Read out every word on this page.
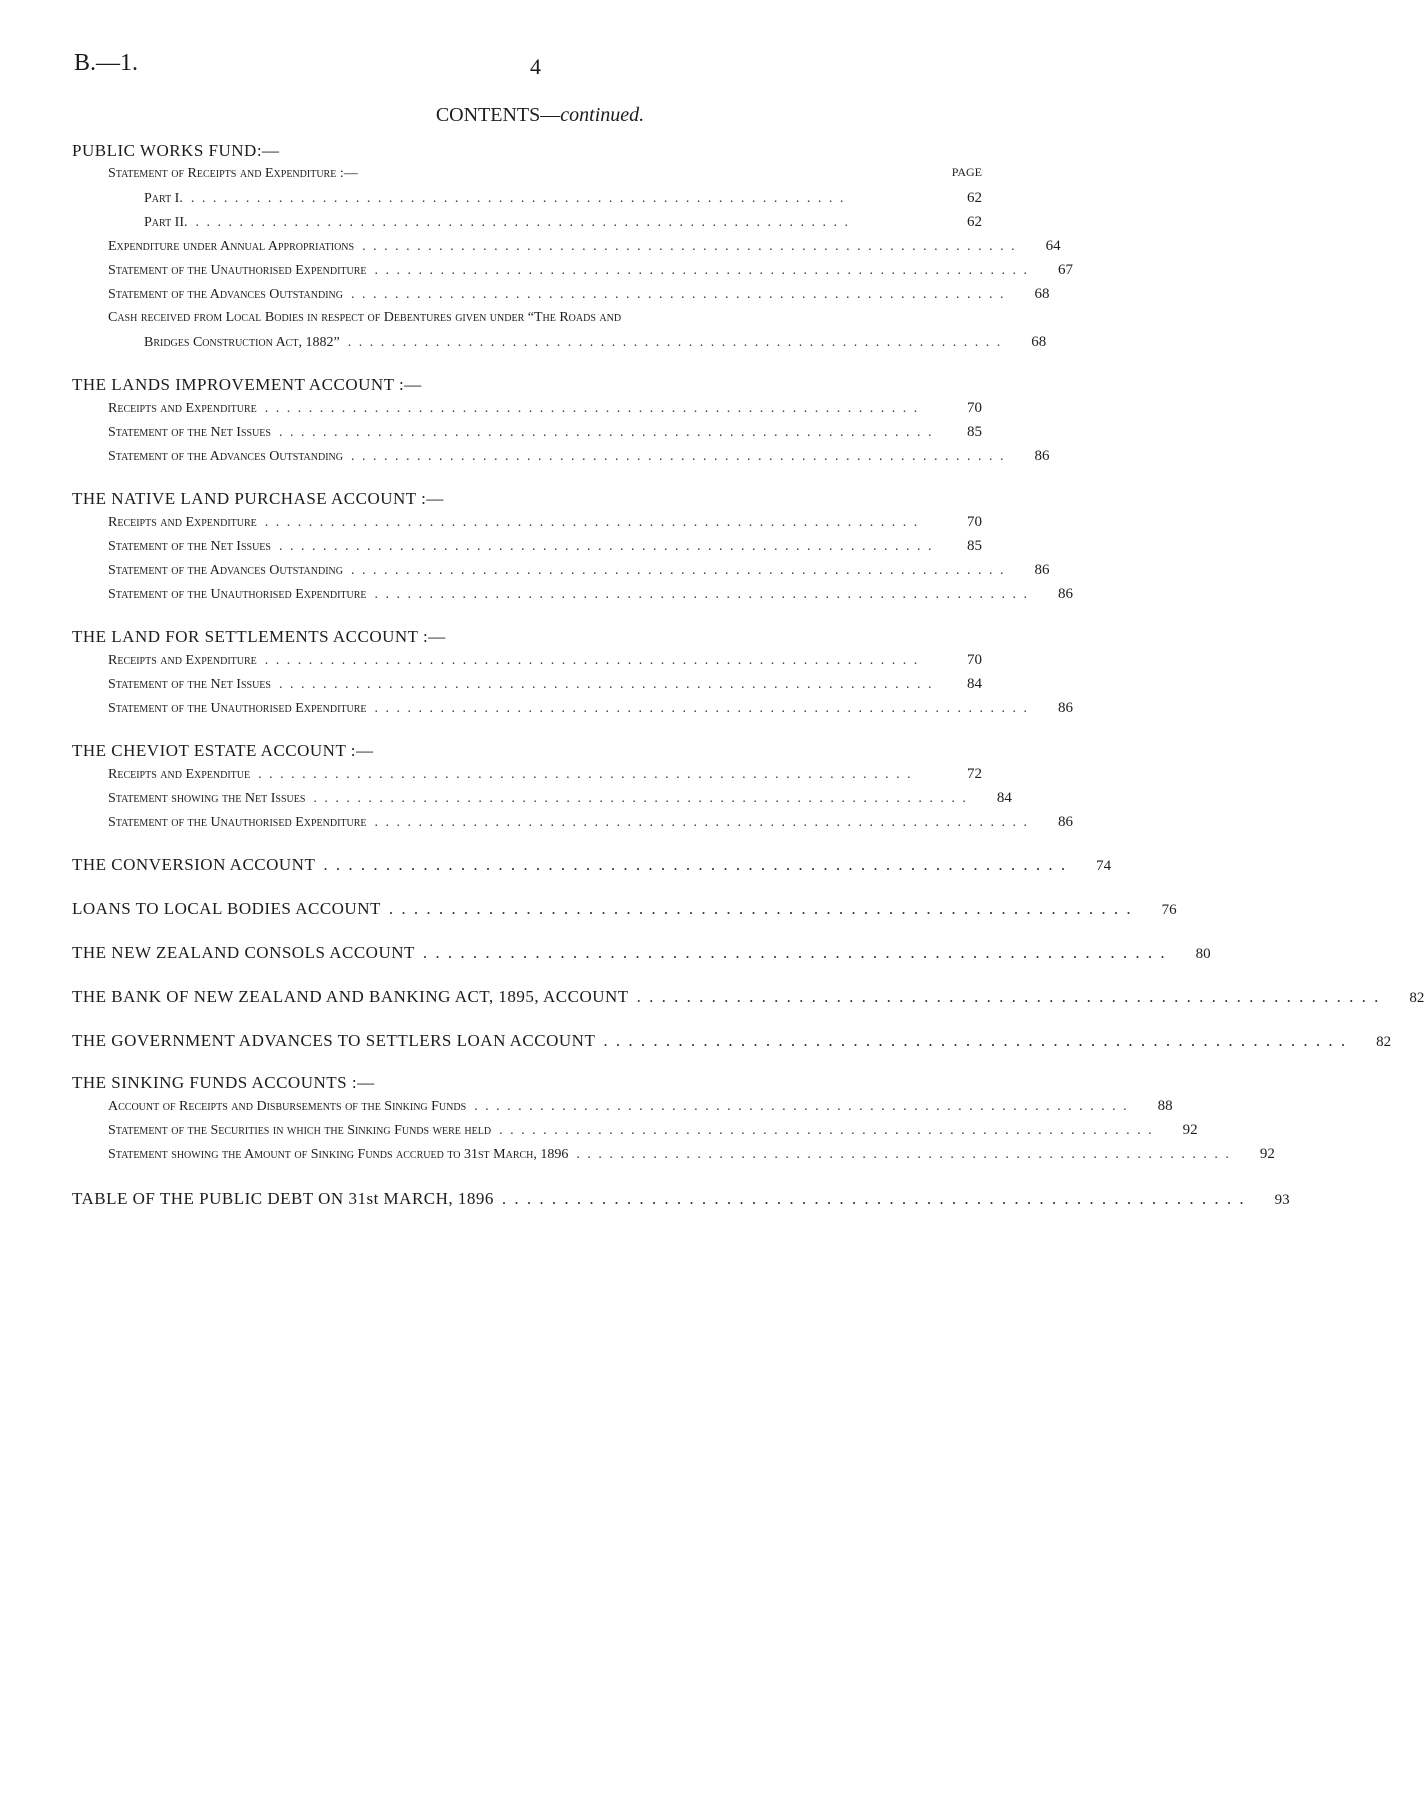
B.—1.	4
CONTENTS—continued.
PUBLIC WORKS FUND:—
Statement of Receipts and Expenditure :—	PAGE
Part I. . . . . . . . . . . . . . . . . . . . . . . . . . . . . . . . . . . . . . . . . . . . . . . . . . . . . . . . . . . . .	62
Part II. . . . . . . . . . . . . . . . . . . . . . . . . . . . . . . . . . . . . . . . . . . . . . . . . . . . . . . . . . . . .	62
Expenditure under Annual Appropriations . . . . . . . . . . . . . . . . . . . . . . . . . . . . . . . . . . . . . . . . . . . . . . . . . . . . . . . . . . . .	64
Statement of the Unauthorised Expenditure . . . . . . . . . . . . . . . . . . . . . . . . . . . . . . . . . . . . . . . . . . . . . . . . . . . . . . . . . . . .	67
Statement of the Advances Outstanding . . . . . . . . . . . . . . . . . . . . . . . . . . . . . . . . . . . . . . . . . . . . . . . . . . . . . . . . . . . .	68
Cash received from Local Bodies in respect of Debentures given under “The Roads and
Bridges Construction Act, 1882” . . . . . . . . . . . . . . . . . . . . . . . . . . . . . . . . . . . . . . . . . . . . . . . . . . . . . . . . . . . .	68
THE LANDS IMPROVEMENT ACCOUNT :—
Receipts and Expenditure . . . . . . . . . . . . . . . . . . . . . . . . . . . . . . . . . . . . . . . . . . . . . . . . . . . . . . . . . . . .	70
Statement of the Net Issues . . . . . . . . . . . . . . . . . . . . . . . . . . . . . . . . . . . . . . . . . . . . . . . . . . . . . . . . . . . .	85
Statement of the Advances Outstanding . . . . . . . . . . . . . . . . . . . . . . . . . . . . . . . . . . . . . . . . . . . . . . . . . . . . . . . . . . . .	86
THE NATIVE LAND PURCHASE ACCOUNT :—
Receipts and Expenditure . . . . . . . . . . . . . . . . . . . . . . . . . . . . . . . . . . . . . . . . . . . . . . . . . . . . . . . . . . . .	70
Statement of the Net Issues . . . . . . . . . . . . . . . . . . . . . . . . . . . . . . . . . . . . . . . . . . . . . . . . . . . . . . . . . . . .	85
Statement of the Advances Outstanding . . . . . . . . . . . . . . . . . . . . . . . . . . . . . . . . . . . . . . . . . . . . . . . . . . . . . . . . . . . .	86
Statement of the Unauthorised Expenditure . . . . . . . . . . . . . . . . . . . . . . . . . . . . . . . . . . . . . . . . . . . . . . . . . . . . . . . . . . . .	86
THE LAND FOR SETTLEMENTS ACCOUNT :—
Receipts and Expenditure . . . . . . . . . . . . . . . . . . . . . . . . . . . . . . . . . . . . . . . . . . . . . . . . . . . . . . . . . . . .	70
Statement of the Net Issues . . . . . . . . . . . . . . . . . . . . . . . . . . . . . . . . . . . . . . . . . . . . . . . . . . . . . . . . . . . .	84
Statement of the Unauthorised Expenditure . . . . . . . . . . . . . . . . . . . . . . . . . . . . . . . . . . . . . . . . . . . . . . . . . . . . . . . . . . . .	86
THE CHEVIOT ESTATE ACCOUNT :—
Receipts and Expenditue . . . . . . . . . . . . . . . . . . . . . . . . . . . . . . . . . . . . . . . . . . . . . . . . . . . . . . . . . . . .	72
Statement showing the Net Issues . . . . . . . . . . . . . . . . . . . . . . . . . . . . . . . . . . . . . . . . . . . . . . . . . . . . . . . . . . . .	84
Statement of the Unauthorised Expenditure . . . . . . . . . . . . . . . . . . . . . . . . . . . . . . . . . . . . . . . . . . . . . . . . . . . . . . . . . . . .	86
THE CONVERSION ACCOUNT . . . . . . . . . . . . . . . . . . . . . . . . . . . . . . . . . . . . . . . . . . . . . . . . . . . . . . . . . . . .	74
LOANS TO LOCAL BODIES ACCOUNT . . . . . . . . . . . . . . . . . . . . . . . . . . . . . . . . . . . . . . . . . . . . . . . . . . . . . . . . . . . .	76
THE NEW ZEALAND CONSOLS ACCOUNT . . . . . . . . . . . . . . . . . . . . . . . . . . . . . . . . . . . . . . . . . . . . . . . . . . . . . . . . . . . .	80
THE BANK OF NEW ZEALAND AND BANKING ACT, 1895, ACCOUNT . . . . . . . . . . . . . . . . . . . . . . . . . . . . . . . . . . . . . . . . . . . . . . . . . . . . . . . . . . . .	82
THE GOVERNMENT ADVANCES TO SETTLERS LOAN ACCOUNT . . . . . . . . . . . . . . . . . . . . . . . . . . . . . . . . . . . . . . . . . . . . . . . . . . . . . . . . . . . .	82
THE SINKING FUNDS ACCOUNTS :—
Account of Receipts and Disbursements of the Sinking Funds . . . . . . . . . . . . . . . . . . . . . . . . . . . . . . . . . . . . . . . . . . . . . . . . . . . . . . . . . . . .	88
Statement of the Securities in which the Sinking Funds were held . . . . . . . . . . . . . . . . . . . . . . . . . . . . . . . . . . . . . . . . . . . . . . . . . . . . . . . . . . . .	92
Statement showing the Amount of Sinking Funds accrued to 31st March, 1896 . . . . . . . . . . . . . . . . . . . . . . . . . . . . . . . . . . . . . . . . . . . . . . . . . . . . . . . . . . . .	92
TABLE OF THE PUBLIC DEBT ON 31st MARCH, 1896 . . . . . . . . . . . . . . . . . . . . . . . . . . . . . . . . . . . . . . . . . . . . . . . . . . . . . . . . . . . .	93
